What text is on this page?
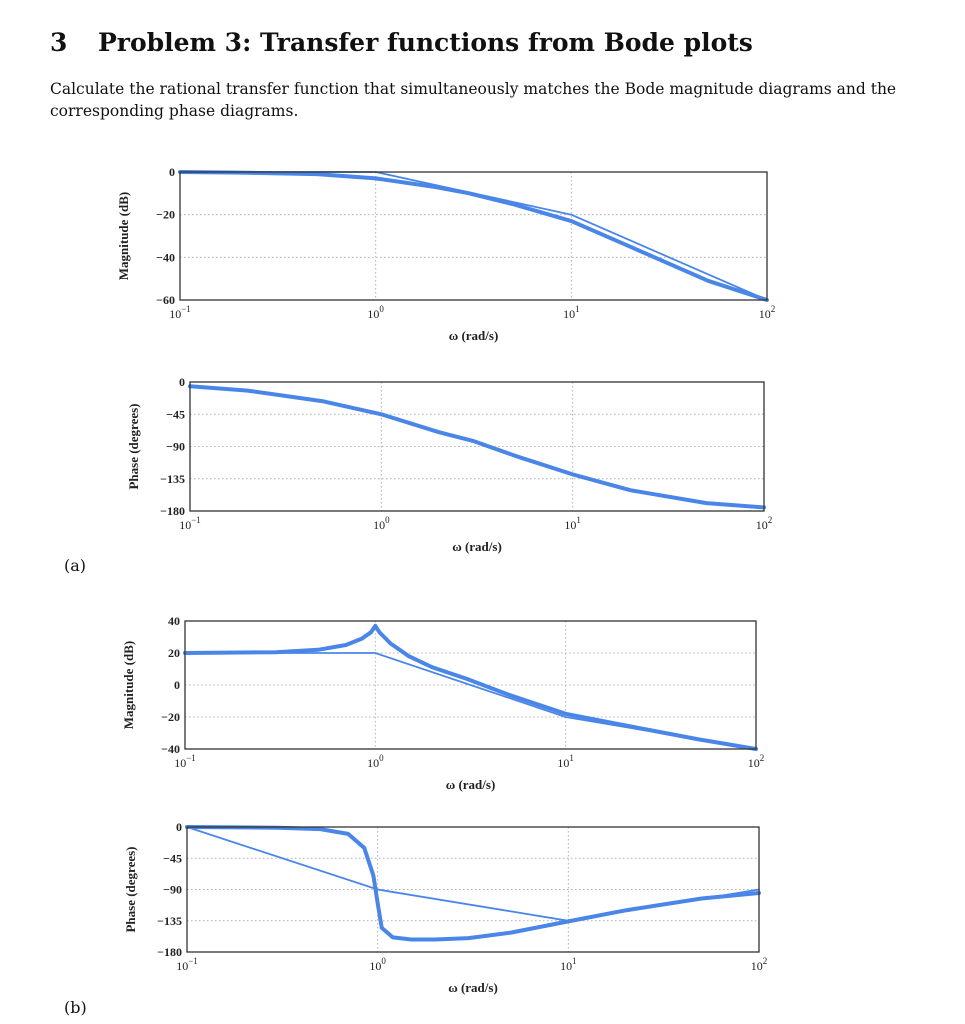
3 Problem 3: Transfer functions from Bode plots

Calculate the rational transfer function that simultaneously matches the Bode magnitude diagrams and the corresponding phase diagrams.

0
−20
−40
−60
$10^{-1}$	$10^0$	$10^1$	$10^2$
ω (rad/s)
Magnitude (dB)
0
−45
−90
−135
−180
$10^{-1}$	$10^0$	$10^1$	$10^2$
ω (rad/s)
Phase (degrees)
40
20
0
−20
−40
$10^{-1}$	$10^0$	$10^1$	$10^2$
ω (rad/s)
Magnitude (dB)
0
−45
−90
−135
−180
$10^{-1}$	$10^0$	$10^1$	$10^2$
ω (rad/s)
Phase (degrees)
(a)
(b)
